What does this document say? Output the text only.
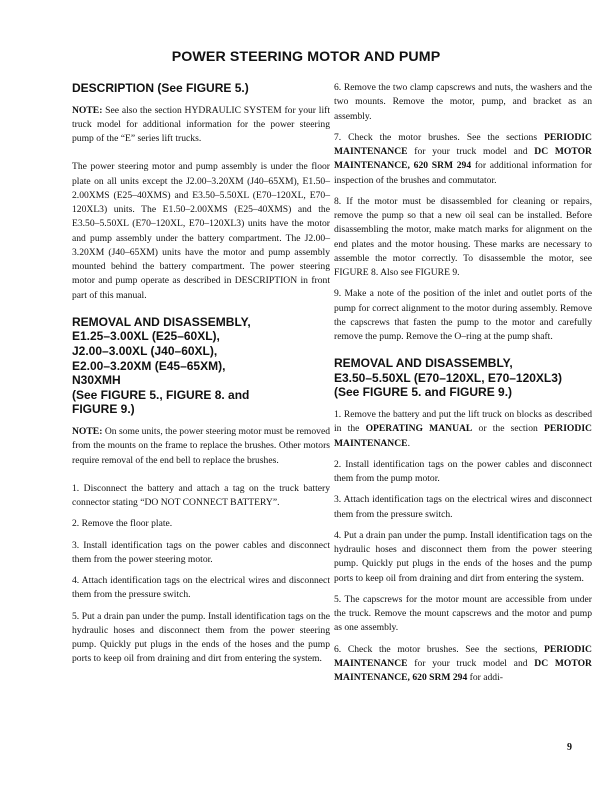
POWER STEERING MOTOR AND PUMP
DESCRIPTION (See FIGURE 5.)

NOTE: See also the section HYDRAULIC SYSTEM for your lift truck model for additional information for the power steering pump of the “E” series lift trucks.

The power steering motor and pump assembly is under the floor plate on all units except the J2.00–3.20XM (J40–65XM), E1.50–2.00XMS (E25–40XMS) and E3.50–5.50XL (E70–120XL, E70–120XL3) units. The E1.50–2.00XMS (E25–40XMS) and the E3.50–5.50XL (E70–120XL, E70–120XL3) units have the motor and pump assembly under the battery compartment. The J2.00–3.20XM (J40–65XM) units have the motor and pump assembly mounted behind the battery compartment. The power steering motor and pump operate as described in DESCRIPTION in front part of this manual.

REMOVAL AND DISASSEMBLY,
E1.25–3.00XL (E25–60XL),
J2.00–3.00XL (J40–60XL),
E2.00–3.20XM (E45–65XM),
N30XMH
(See FIGURE 5., FIGURE 8. and
FIGURE 9.)

NOTE: On some units, the power steering motor must be removed from the mounts on the frame to replace the brushes. Other motors require removal of the end bell to replace the brushes.

1. Disconnect the battery and attach a tag on the truck battery connector stating “DO NOT CONNECT BATTERY”.

2. Remove the floor plate.

3. Install identification tags on the power cables and disconnect them from the power steering motor.

4. Attach identification tags on the electrical wires and disconnect them from the pressure switch.

5. Put a drain pan under the pump. Install identification tags on the hydraulic hoses and disconnect them from the power steering pump. Quickly put plugs in the ends of the hoses and the pump ports to keep oil from draining and dirt from entering the system.

6. Remove the two clamp capscrews and nuts, the washers and the two mounts. Remove the motor, pump, and bracket as an assembly.

7. Check the motor brushes. See the sections PERIODIC MAINTENANCE for your truck model and DC MOTOR MAINTENANCE, 620 SRM 294 for additional information for inspection of the brushes and commutator.

8. If the motor must be disassembled for cleaning or repairs, remove the pump so that a new oil seal can be installed. Before disassembling the motor, make match marks for alignment on the end plates and the motor housing. These marks are necessary to assemble the motor correctly. To disassemble the motor, see FIGURE 8. Also see FIGURE 9.

9. Make a note of the position of the inlet and outlet ports of the pump for correct alignment to the motor during assembly. Remove the capscrews that fasten the pump to the motor and carefully remove the pump. Remove the O–ring at the pump shaft.

REMOVAL AND DISASSEMBLY,
E3.50–5.50XL (E70–120XL, E70–120XL3)
(See FIGURE 5. and FIGURE 9.)

1. Remove the battery and put the lift truck on blocks as described in the OPERATING MANUAL or the section PERIODIC MAINTENANCE.

2. Install identification tags on the power cables and disconnect them from the pump motor.

3. Attach identification tags on the electrical wires and disconnect them from the pressure switch.

4. Put a drain pan under the pump. Install identification tags on the hydraulic hoses and disconnect them from the power steering pump. Quickly put plugs in the ends of the hoses and the pump ports to keep oil from draining and dirt from entering the system.

5. The capscrews for the motor mount are accessible from under the truck. Remove the mount capscrews and the motor and pump as one assembly.

6. Check the motor brushes. See the sections, PERIODIC MAINTENANCE for your truck model and DC MOTOR MAINTENANCE, 620 SRM 294 for addi-

9
